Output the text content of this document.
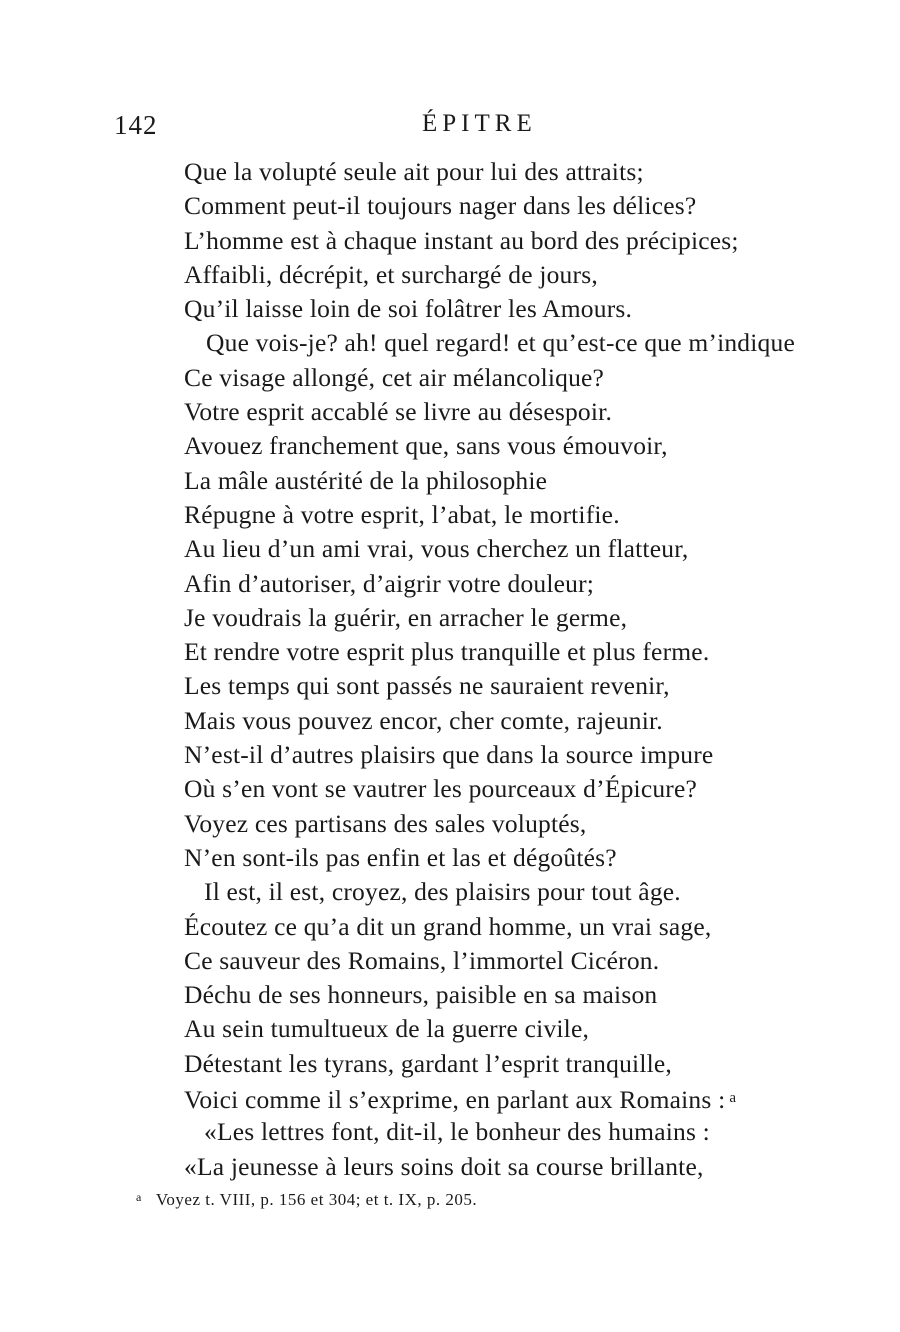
142	ÉPITRE
Que la volupté seule ait pour lui des attraits;
Comment peut-il toujours nager dans les délices?
L’homme est à chaque instant au bord des précipices;
Affaibli, décrépit, et surchargé de jours,
Qu’il laisse loin de soi folâtrer les Amours.
Que vois-je? ah! quel regard! et qu’est-ce que m’indique
Ce visage allongé, cet air mélancolique?
Votre esprit accablé se livre au désespoir.
Avouez franchement que, sans vous émouvoir,
La mâle austérité de la philosophie
Répugne à votre esprit, l’abat, le mortifie.
Au lieu d’un ami vrai, vous cherchez un flatteur,
Afin d’autoriser, d’aigrir votre douleur;
Je voudrais la guérir, en arracher le germe,
Et rendre votre esprit plus tranquille et plus ferme.
Les temps qui sont passés ne sauraient revenir,
Mais vous pouvez encor, cher comte, rajeunir.
N’est-il d’autres plaisirs que dans la source impure
Où s’en vont se vautrer les pourceaux d’Épicure?
Voyez ces partisans des sales voluptés,
N’en sont-ils pas enfin et las et dégoûtés?
Il est, il est, croyez, des plaisirs pour tout âge.
Écoutez ce qu’a dit un grand homme, un vrai sage,
Ce sauveur des Romains, l’immortel Cicéron.
Déchu de ses honneurs, paisible en sa maison
Au sein tumultueux de la guerre civile,
Détestant les tyrans, gardant l’esprit tranquille,
Voici comme il s’exprime, en parlant aux Romains : $^a$
«Les lettres font, dit-il, le bonheur des humains :
«La jeunesse à leurs soins doit sa course brillante,
$^a$ Voyez t. VIII, p. 156 et 304; et t. IX, p. 205.
